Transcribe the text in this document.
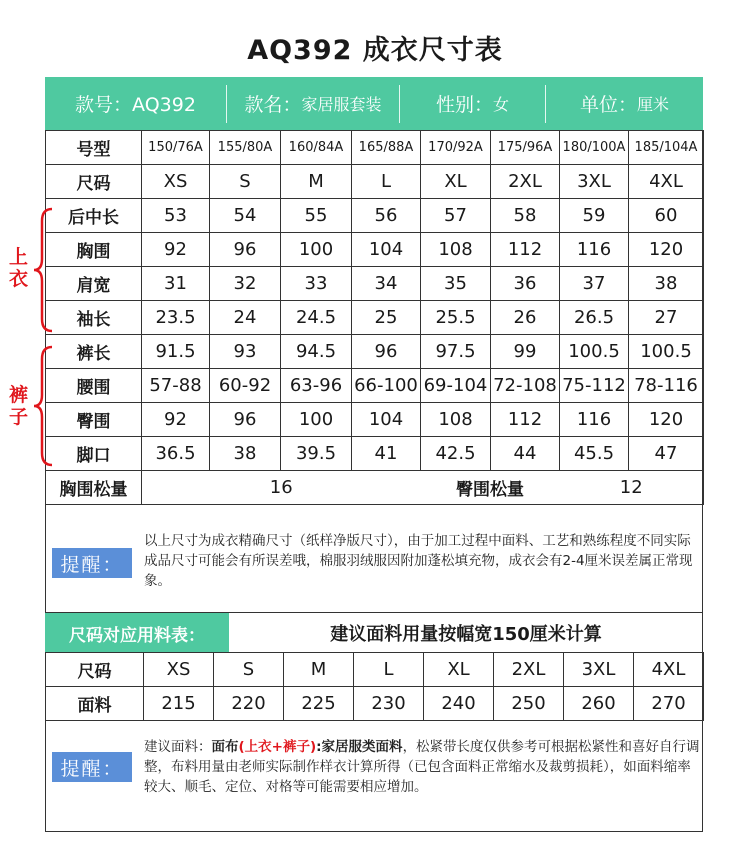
AQ392 成衣尺寸表
款号：AQ392	款名： 家居服套装	性别： 女	单位： 厘米
号型	150/76A	155/80A	160/84A	165/88A	170/92A	175/96A	180/100A	185/104A
尺码	XS	S	M	L	XL	2XL	3XL	4XL
后中长	53	54	55	56	57	58	59	60
胸围	92	96	100	104	108	112	116	120
肩宽	31	32	33	34	35	36	37	38
袖长	23.5	24	24.5	25	25.5	26	26.5	27
裤长	91.5	93	94.5	96	97.5	99	100.5	100.5
腰围	57-88	60-92	63-96	66-100	69-104	72-108	75-112	78-116
臀围	92	96	100	104	108	112	116	120
脚口	36.5	38	39.5	41	42.5	44	45.5	47
胸围松量	16				臀围松量		12	
上
衣
裤
子
提醒：
以上尺寸为成衣精确尺寸（纸样净版尺寸），由于加工过程中面料、工艺和熟练程度不同实际成品尺寸可能会有所误差哦，棉服羽绒服因附加蓬松填充物，成衣会有2-4厘米误差属正常现象。
尺码对应用料表：	建议面料用量按幅宽150厘米计算
尺码	XS	S	M	L	XL	2XL	3XL	4XL
面料	215	220	225	230	240	250	260	270
提醒：
建议面料：面布(上衣+裤子):家居服类面料，松紧带长度仅供参考可根据松紧性和喜好自行调整，布料用量由老师实际制作样衣计算所得（已包含面料正常缩水及裁剪损耗），如面料缩率较大、顺毛、定位、对格等可能需要相应增加。
